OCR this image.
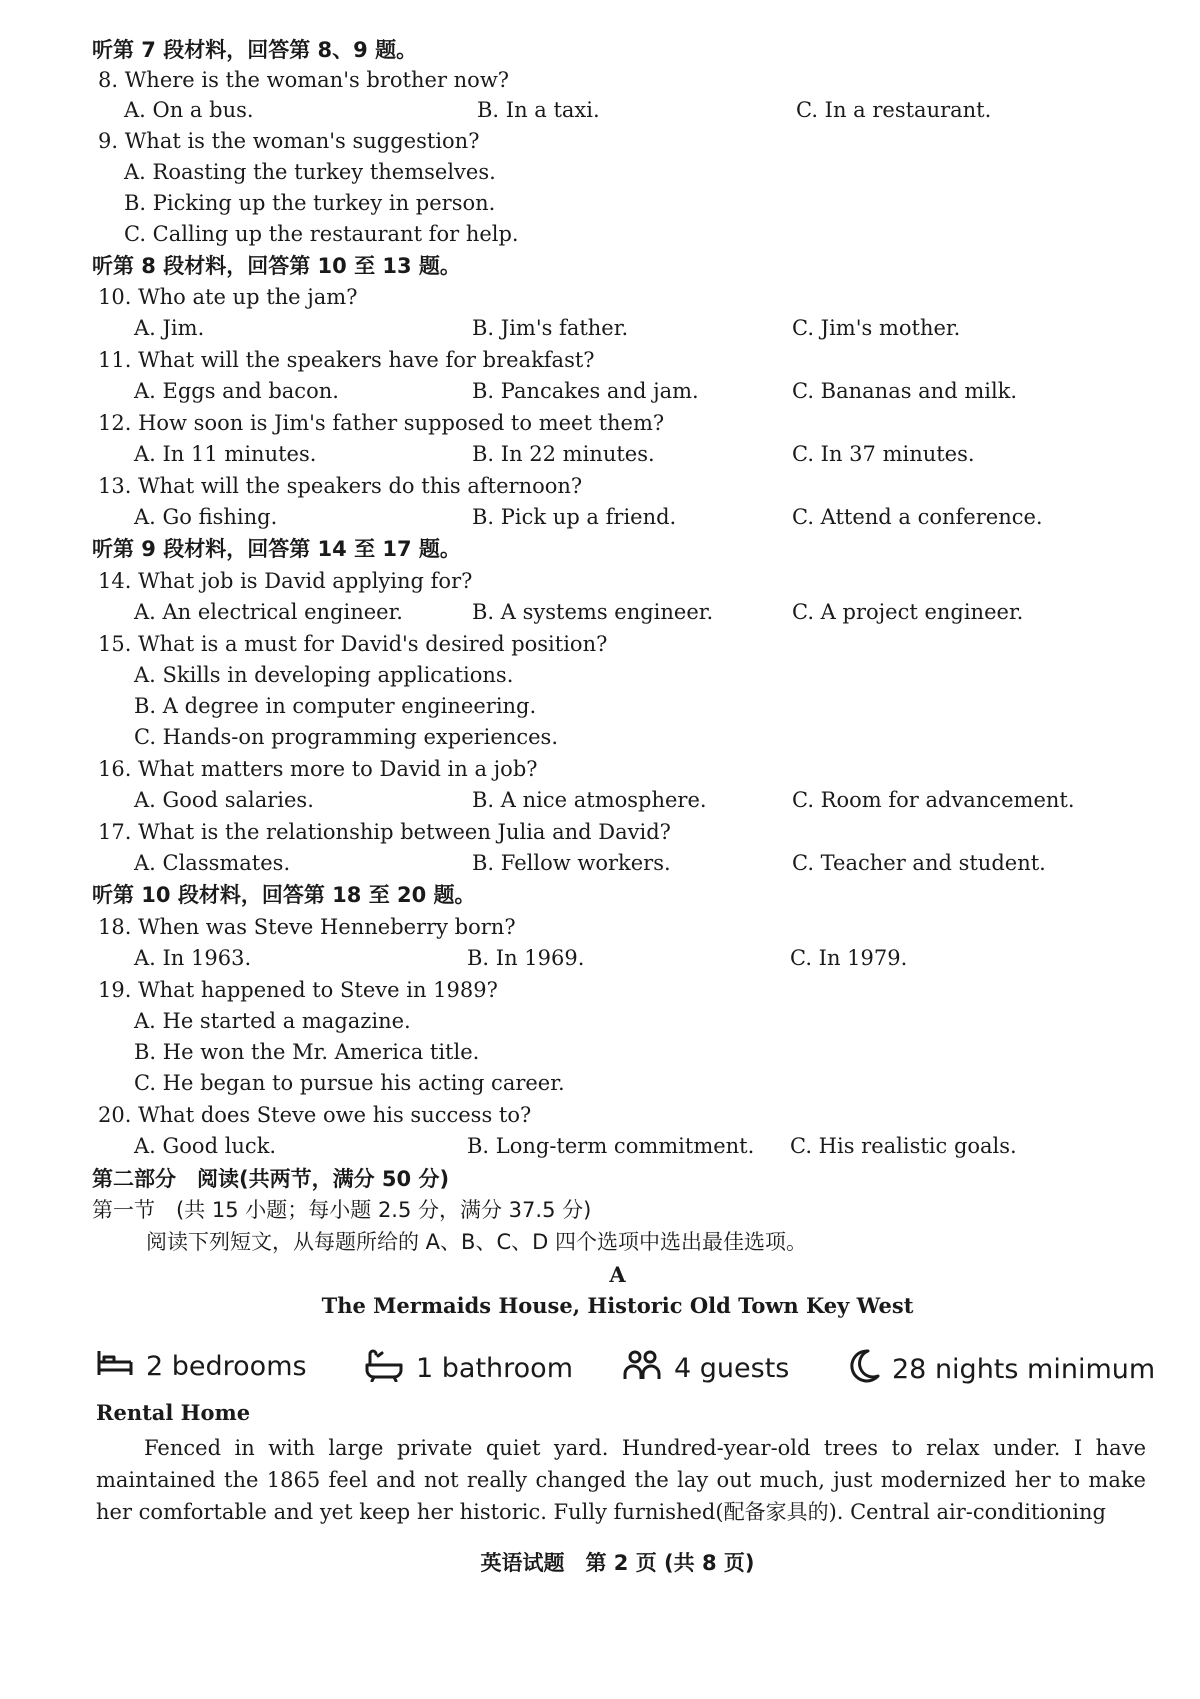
听第 7 段材料，回答第 8、9 题。
8. Where is the woman's brother now?
A. On a bus.	B. In a taxi.	C. In a restaurant.
9. What is the woman's suggestion?
A. Roasting the turkey themselves.
B. Picking up the turkey in person.
C. Calling up the restaurant for help.
听第 8 段材料，回答第 10 至 13 题。
10. Who ate up the jam?
A. Jim.	B. Jim's father.	C. Jim's mother.
11. What will the speakers have for breakfast?
A. Eggs and bacon.	B. Pancakes and jam.	C. Bananas and milk.
12. How soon is Jim's father supposed to meet them?
A. In 11 minutes.	B. In 22 minutes.	C. In 37 minutes.
13. What will the speakers do this afternoon?
A. Go fishing.	B. Pick up a friend.	C. Attend a conference.
听第 9 段材料，回答第 14 至 17 题。
14. What job is David applying for?
A. An electrical engineer.	B. A systems engineer.	C. A project engineer.
15. What is a must for David's desired position?
A. Skills in developing applications.
B. A degree in computer engineering.
C. Hands-on programming experiences.
16. What matters more to David in a job?
A. Good salaries.	B. A nice atmosphere.	C. Room for advancement.
17. What is the relationship between Julia and David?
A. Classmates.	B. Fellow workers.	C. Teacher and student.
听第 10 段材料，回答第 18 至 20 题。
18. When was Steve Henneberry born?
A. In 1963.	B. In 1969.	C. In 1979.
19. What happened to Steve in 1989?
A. He started a magazine.
B. He won the Mr. America title.
C. He began to pursue his acting career.
20. What does Steve owe his success to?
A. Good luck.	B. Long-term commitment. C. His realistic goals.
第二部分　阅读(共两节，满分 50 分)
第一节　(共 15 小题；每小题 2.5 分，满分 37.5 分)
阅读下列短文，从每题所给的 A、B、C、D 四个选项中选出最佳选项。
A
The Mermaids House, Historic Old Town Key West
2 bedrooms	1 bathroom	4 guests	28 nights minimum
Rental Home
Fenced in with large private quiet yard. Hundred-year-old trees to relax under. I have maintained the 1865 feel and not really changed the lay out much, just modernized her to make her comfortable and yet keep her historic. Fully furnished(配备家具的). Central air-conditioning
英语试题　第 2 页 (共 8 页)
